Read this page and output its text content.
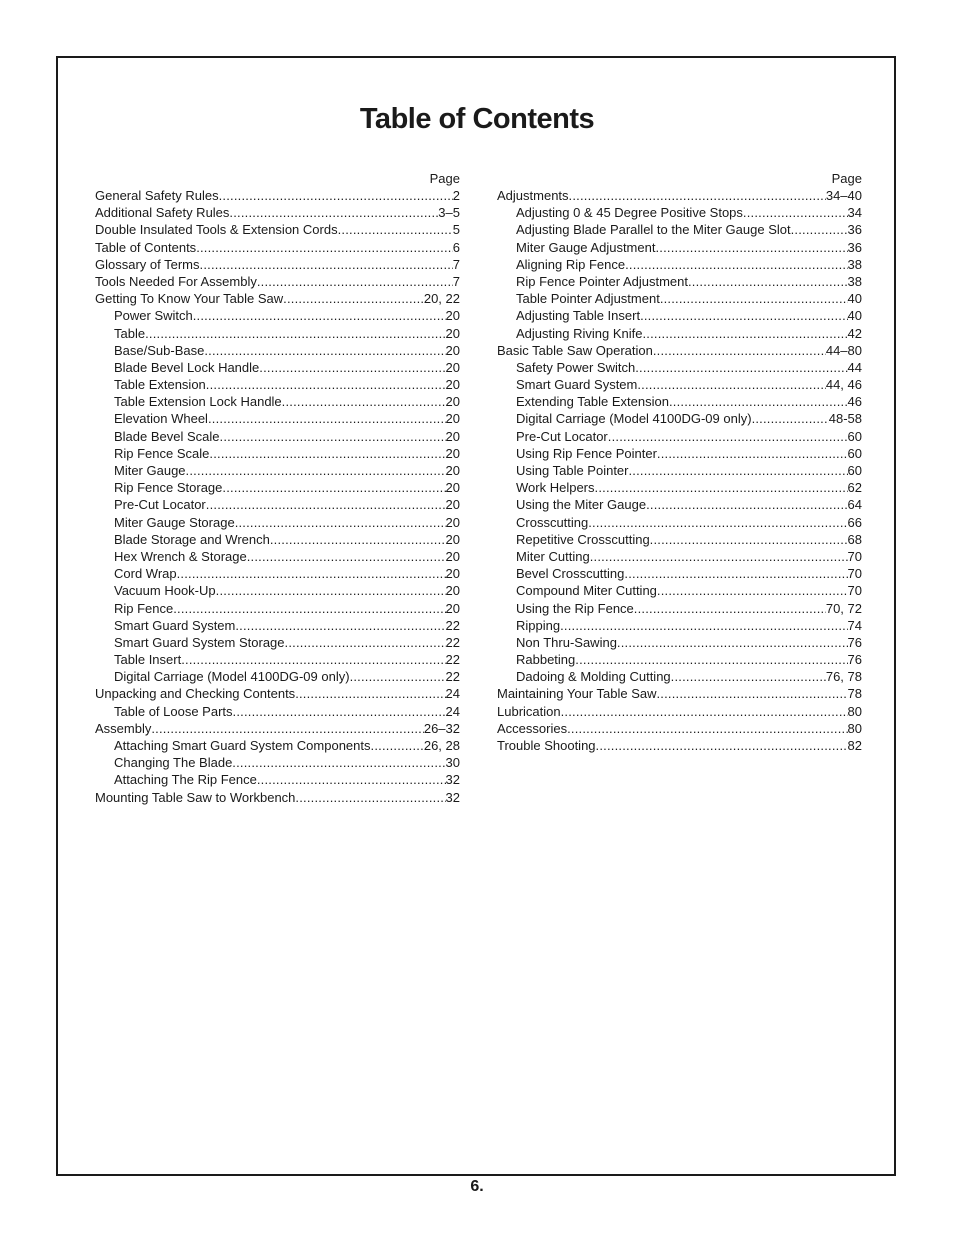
Table of Contents
Page
General Safety Rules .....	2
Additional Safety Rules .....	3–5
Double Insulated Tools & Extension Cords .....	5
Table of Contents .....	6
Glossary of Terms .....	7
Tools Needed For Assembly .....	7
Getting To Know Your Table Saw .....	20, 22
Power Switch .....	20
Table .....	20
Base/Sub-Base .....	20
Blade Bevel Lock Handle .....	20
Table Extension .....	20
Table Extension Lock Handle .....	20
Elevation Wheel .....	20
Blade Bevel Scale .....	20
Rip Fence Scale .....	20
Miter Gauge .....	20
Rip Fence Storage .....	20
Pre-Cut Locator .....	20
Miter Gauge Storage .....	20
Blade Storage and Wrench .....	20
Hex Wrench & Storage .....	20
Cord Wrap .....	20
Vacuum Hook-Up .....	20
Rip Fence .....	20
Smart Guard System .....	22
Smart Guard System Storage .....	22
Table Insert .....	22
Digital Carriage (Model 4100DG-09 only) .....	22
Unpacking and Checking Contents .....	24
Table of Loose Parts .....	24
Assembly .....	26–32
Attaching Smart Guard System Components .....	26, 28
Changing The Blade .....	30
Attaching The Rip Fence .....	32
Mounting Table Saw to Workbench .....	32
Page
Adjustments .....	34–40
Adjusting 0 & 45 Degree Positive Stops .....	34
Adjusting Blade Parallel to the Miter Gauge Slot .....	36
Miter Gauge Adjustment .....	36
Aligning Rip Fence .....	38
Rip Fence Pointer Adjustment .....	38
Table Pointer Adjustment .....	40
Adjusting Table Insert .....	40
Adjusting Riving Knife .....	42
Basic Table Saw Operation .....	44–80
Safety Power Switch .....	44
Smart Guard System .....	44, 46
Extending Table Extension .....	46
Digital Carriage (Model 4100DG-09 only) .....	48-58
Pre-Cut Locator .....	60
Using Rip Fence Pointer .....	60
Using Table Pointer .....	60
Work Helpers .....	62
Using the Miter Gauge .....	64
Crosscutting .....	66
Repetitive Crosscutting .....	68
Miter Cutting .....	70
Bevel Crosscutting .....	70
Compound Miter Cutting .....	70
Using the Rip Fence .....	70, 72
Ripping .....	74
Non Thru-Sawing .....	76
Rabbeting .....	76
Dadoing & Molding Cutting .....	76, 78
Maintaining Your Table Saw .....	78
Lubrication .....	80
Accessories .....	80
Trouble Shooting .....	82
6.
